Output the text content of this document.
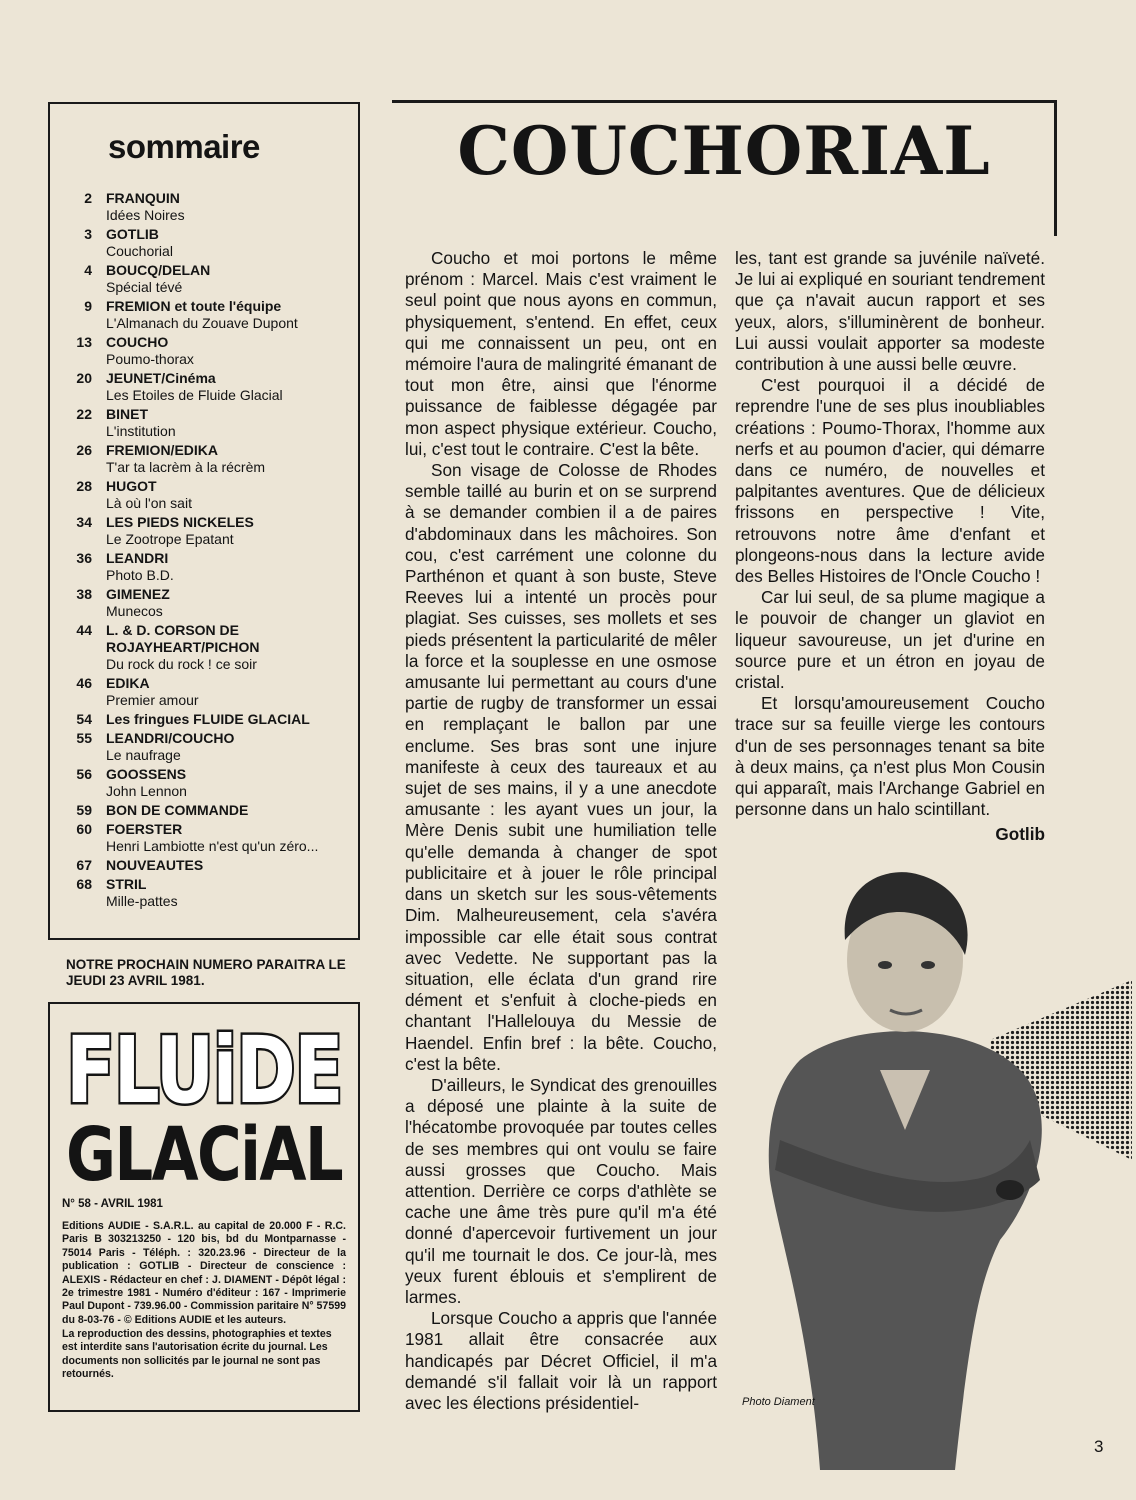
sommaire
2	FRANQUIN
Idées Noires
3	GOTLIB
Couchorial
4	BOUCQ/DELAN
Spécial tévé
9	FREMION et toute l'équipe
L'Almanach du Zouave Dupont
13	COUCHO
Poumo-thorax
20	JEUNET/Cinéma
Les Etoiles de Fluide Glacial
22	BINET
L'institution
26	FREMION/EDIKA
T'ar ta lacrèm à la récrèm
28	HUGOT
Là où l'on sait
34	LES PIEDS NICKELES
Le Zootrope Epatant
36	LEANDRI
Photo B.D.
38	GIMENEZ
Munecos
44	L. & D. CORSON DE ROJAYHEART/PICHON
Du rock du rock ! ce soir
46	EDIKA
Premier amour
54	Les fringues FLUIDE GLACIAL
55	LEANDRI/COUCHO
Le naufrage
56	GOOSSENS
John Lennon
59	BON DE COMMANDE
60	FOERSTER
Henri Lambiotte n'est qu'un zéro...
67	NOUVEAUTES
68	STRIL
Mille-pattes
NOTRE PROCHAIN NUMERO PARAITRA LE JEUDI 23 AVRIL 1981.
FLUiDE
GLACiAL
N° 58 - AVRIL 1981
Editions AUDIE - S.A.R.L. au capital de 20.000 F - R.C. Paris B 303213250 - 120 bis, bd du Montparnasse - 75014 Paris - Téléph. : 320.23.96 - Directeur de la publication : GOTLIB - Directeur de conscience : ALEXIS - Rédacteur en chef : J. DIAMENT - Dépôt légal : 2e trimestre 1981 - Numéro d'éditeur : 167 - Imprimerie Paul Dupont - 739.96.00 - Commission paritaire N° 57599 du 8-03-76 - © Editions AUDIE et les auteurs.
La reproduction des dessins, photographies et textes est interdite sans l'autorisation écrite du journal. Les documents non sollicités par le journal ne sont pas retournés.
COUCHORIAL

Coucho et moi portons le même prénom : Marcel. Mais c'est vraiment le seul point que nous ayons en commun, physiquement, s'entend. En effet, ceux qui me connaissent un peu, ont en mémoire l'aura de malingrité émanant de tout mon être, ainsi que l'énorme puissance de faiblesse dégagée par mon aspect physique extérieur. Coucho, lui, c'est tout le contraire. C'est la bête.

Son visage de Colosse de Rhodes semble taillé au burin et on se surprend à se demander combien il a de paires d'abdominaux dans les mâchoires. Son cou, c'est carrément une colonne du Parthénon et quant à son buste, Steve Reeves lui a intenté un procès pour plagiat. Ses cuisses, ses mollets et ses pieds présentent la particularité de mêler la force et la souplesse en une osmose amusante lui permettant au cours d'une partie de rugby de transformer un essai en remplaçant le ballon par une enclume. Ses bras sont une injure manifeste à ceux des taureaux et au sujet de ses mains, il y a une anecdote amusante : les ayant vues un jour, la Mère Denis subit une humiliation telle qu'elle demanda à changer de spot publicitaire et à jouer le rôle principal dans un sketch sur les sous-vêtements Dim. Malheureusement, cela s'avéra impossible car elle était sous contrat avec Vedette. Ne supportant pas la situation, elle éclata d'un grand rire dément et s'enfuit à cloche-pieds en chantant l'Hallelouya du Messie de Haendel. Enfin bref : la bête. Coucho, c'est la bête.

D'ailleurs, le Syndicat des grenouilles a déposé une plainte à la suite de l'hécatombe provoquée par toutes celles de ses membres qui ont voulu se faire aussi grosses que Coucho. Mais attention. Derrière ce corps d'athlète se cache une âme très pure qu'il m'a été donné d'apercevoir furtivement un jour qu'il me tournait le dos. Ce jour-là, mes yeux furent éblouis et s'emplirent de larmes.

Lorsque Coucho a appris que l'année 1981 allait être consacrée aux handicapés par Décret Officiel, il m'a demandé s'il fallait voir là un rapport avec les élections présidentiel-

les, tant est grande sa juvénile naïveté. Je lui ai expliqué en souriant tendrement que ça n'avait aucun rapport et ses yeux, alors, s'illuminèrent de bonheur. Lui aussi voulait apporter sa modeste contribution à une aussi belle œuvre.

C'est pourquoi il a décidé de reprendre l'une de ses plus inoubliables créations : Poumo-Thorax, l'homme aux nerfs et au poumon d'acier, qui démarre dans ce numéro, de nouvelles et palpitantes aventures. Que de délicieux frissons en perspective ! Vite, retrouvons notre âme d'enfant et plongeons-nous dans la lecture avide des Belles Histoires de l'Oncle Coucho !

Car lui seul, de sa plume magique a le pouvoir de changer un glaviot en liqueur savoureuse, un jet d'urine en source pure et un étron en joyau de cristal.

Et lorsqu'amoureusement Coucho trace sur sa feuille vierge les contours d'un de ses personnages tenant sa bite à deux mains, ça n'est plus Mon Cousin qui apparaît, mais l'Archange Gabriel en personne dans un halo scintillant.

Gotlib
Photo Diament
3
